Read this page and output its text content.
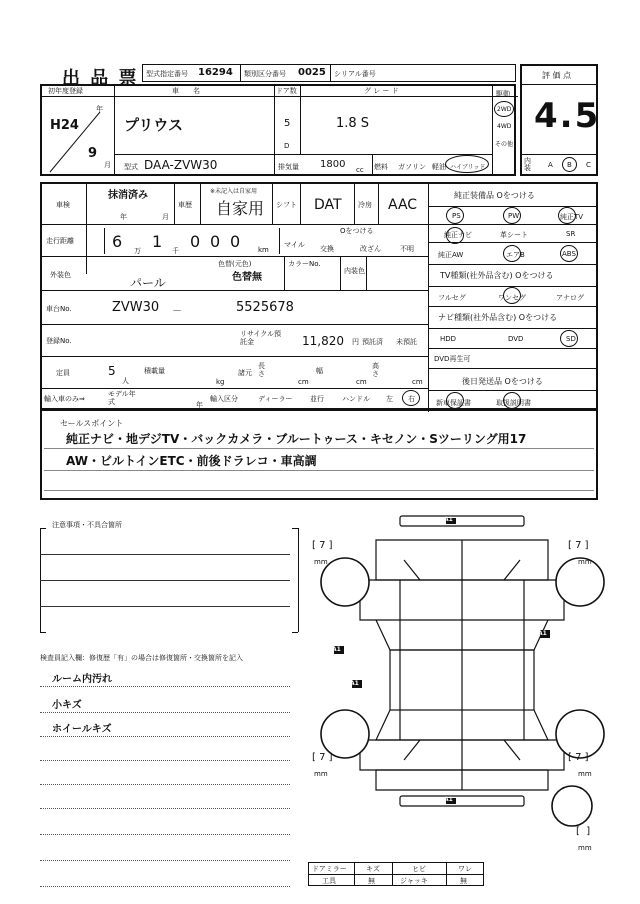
出 品 票 型式指定番号 16294 類別区分番号 0025 シリアル番号	評 価 点
4.5
初年度登録
H24
年
9
月
車　　名
プリウス
ドア数
5
D
グ レ ー ド
1.8 S
型式 DAA-ZVW30	排気量 1800 cc 燃料 ガソリン 軽油 ハイブリッド
駆動
2WD
4WD
その他
内装 A B C
車検
抹消済み
年	月
車歴
※未記入は自家用
自家用 シフト DAT 冷房 AAC
走行距離 6 万 1 千 0 0 0	km
マイル
Oをつける
交換	改ざん	不明
外装色
パール
色替(元色)
色替無
カラーNo.
内装色
車台No.	ZVW30 －	5525678
登録No.
リサイクル預託金	11,820 円 預託済 未預託
定員	5
人
積載量
kg
諸元
長さ
cm
幅
cm
高さ
cm
輸入車のみ⇒
モデル年式	年
輸入区分	ディーラー	並行	ハンドル 左 右
純正装備品 Oをつける
PS	PW	純正TV
純正ナビ	革シート	SR
純正AW	エアB	ABS
TV種類(社外品含む) Oをつける
フルセグ	ワンセグ	アナログ
ナビ種類(社外品含む) Oをつける
HDD	DVD	SD
DVD再生可
後日発送品 Oをつける
新車保証書	取扱説明書
セールスポイント
純正ナビ・地デジTV・バックカメラ・ブルートゥース・キセノン・Sツーリング用17
AW・ビルトインETC・前後ドラレコ・車高調
注意事項・不具合箇所
検査員記入欄：修復歴「有」の場合は修復箇所・交換箇所を記入
ルーム内汚れ
小キズ
ホイールキズ
A1
A1
A1
A1
A1
[ 7 ]
mm
[ 7 ]
mm
[ 7 ]
mm
[ 7 ]
mm
[  ]
mm
ドアミラー	キズ	ヒビ	ワレ
工具	無	ジャッキ	無
